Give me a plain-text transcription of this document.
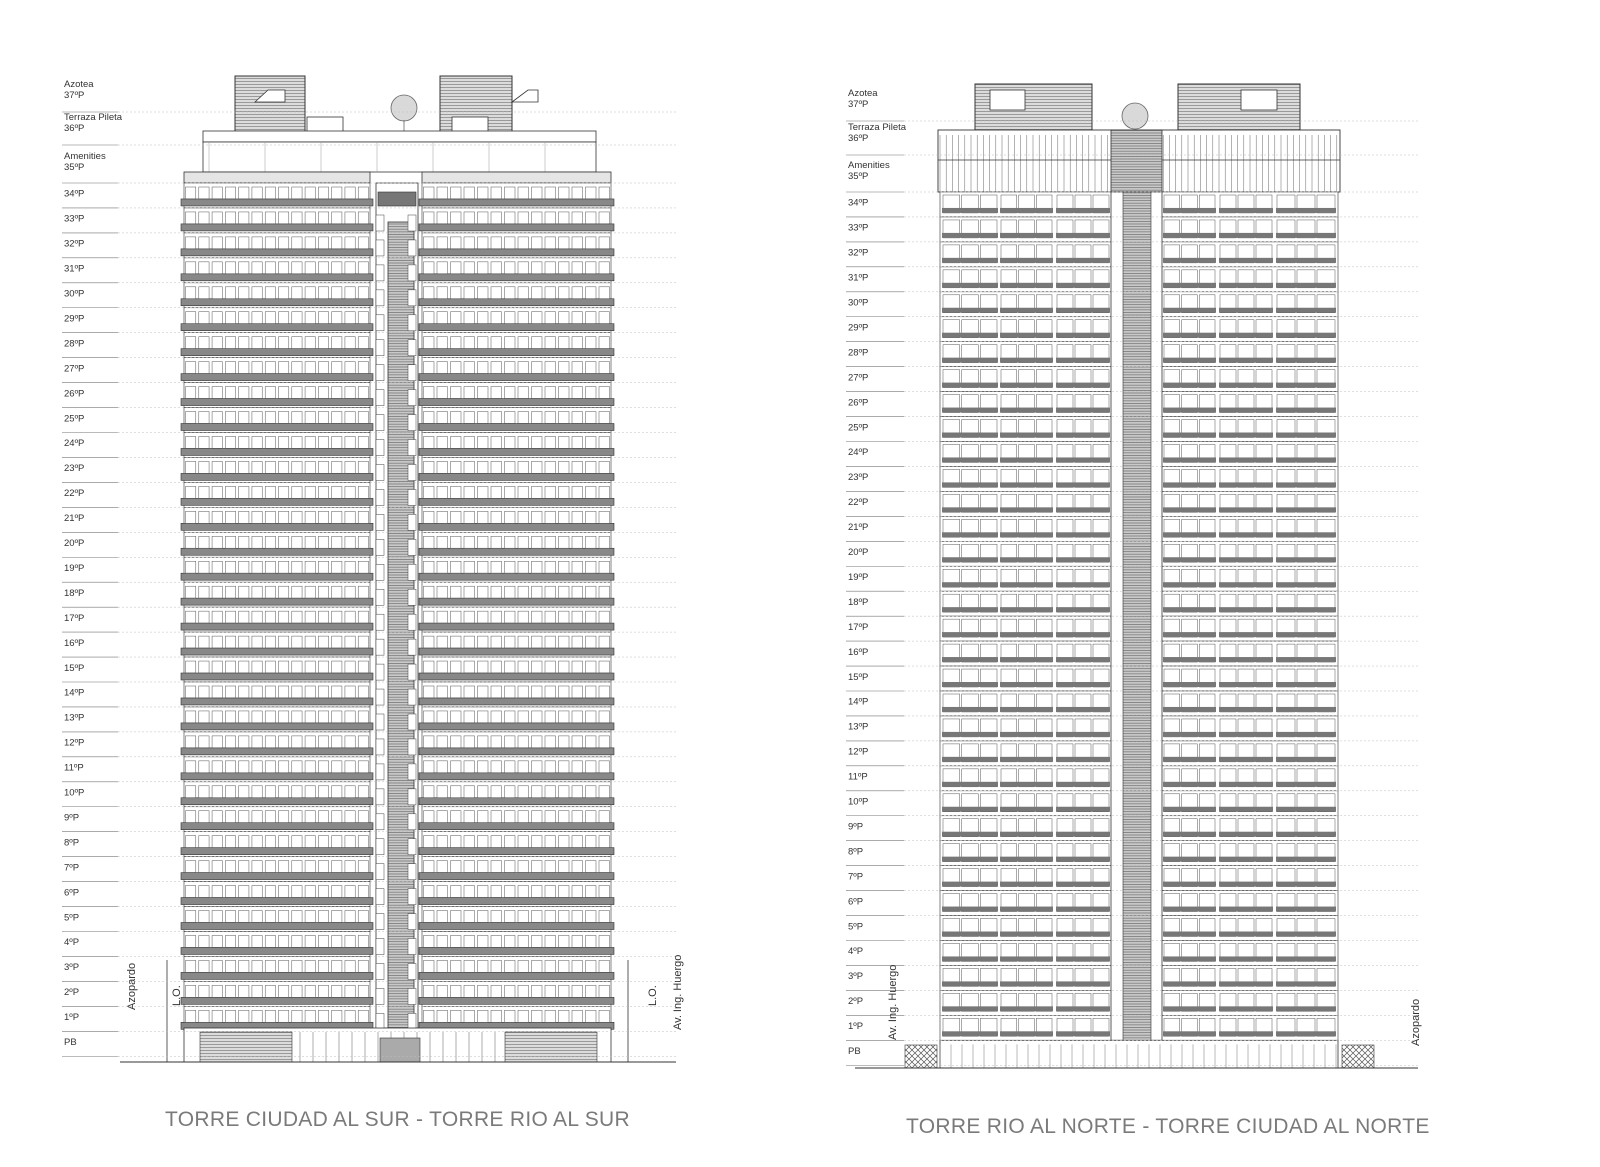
Azotea
37ºP
Terraza Pileta
36ºP
Amenities
35ºP
34ºP
33ºP
32ºP
31ºP
30ºP
29ºP
28ºP
27ºP
26ºP
25ºP
24ºP
23ºP
22ºP
21ºP
20ºP
19ºP
18ºP
17ºP
16ºP
15ºP
14ºP
13ºP
12ºP
11ºP
10ºP
9ºP
8ºP
7ºP
6ºP
5ºP
4ºP
3ºP
2ºP
1ºP
PB
Azotea
37ºP
Terraza Pileta
36ºP
Amenities
35ºP
34ºP
33ºP
32ºP
31ºP
30ºP
29ºP
28ºP
27ºP
26ºP
25ºP
24ºP
23ºP
22ºP
21ºP
20ºP
19ºP
18ºP
17ºP
16ºP
15ºP
14ºP
13ºP
12ºP
11ºP
10ºP
9ºP
8ºP
7ºP
6ºP
5ºP
4ºP
3ºP
2ºP
1ºP
PB
Azopardo	L.O.	L.O. Av. Ing. Huergo	Av. Ing. Huergo	Azopardo
TORRE CIUDAD AL SUR - TORRE RIO AL SUR	TORRE RIO AL NORTE - TORRE CIUDAD AL NORTE
